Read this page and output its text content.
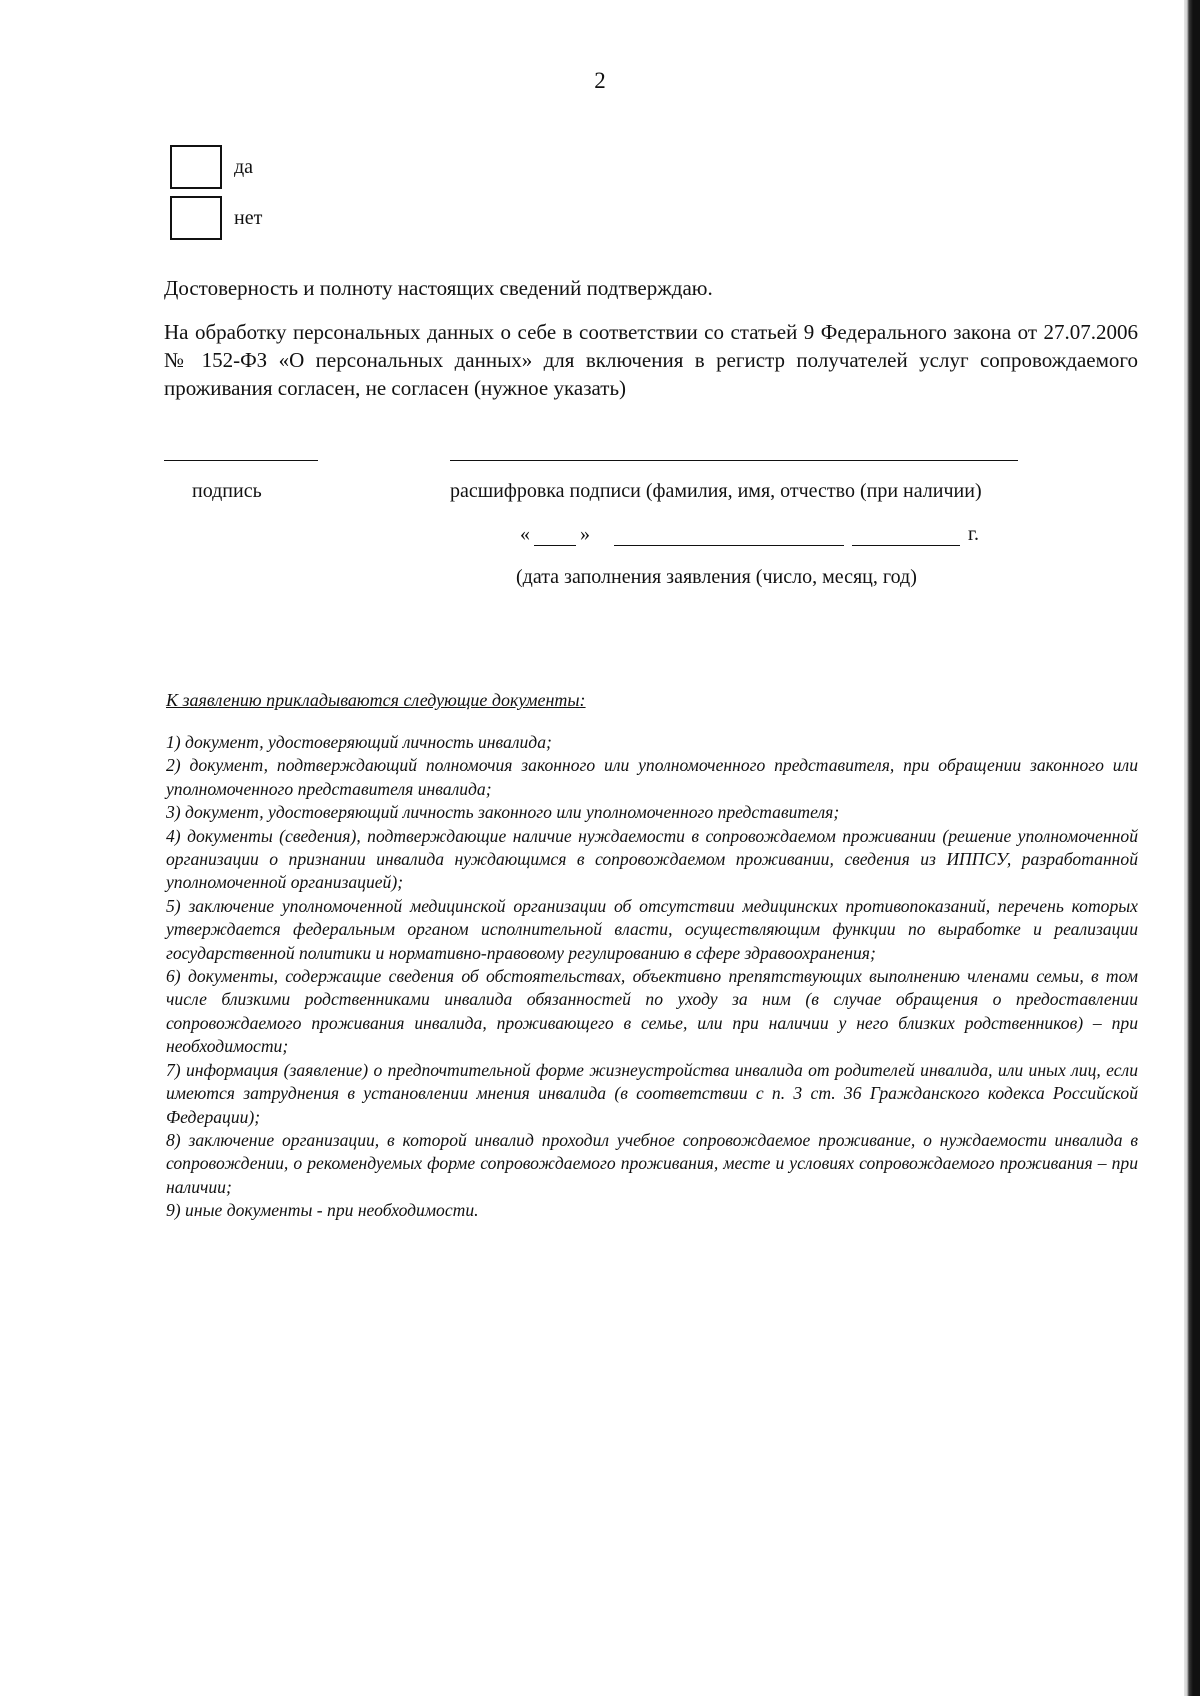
2
да
нет
Достоверность и полноту настоящих сведений подтверждаю.
На обработку персональных данных о себе в соответствии со статьей 9 Федерального закона от 27.07.2006 № 152-ФЗ «О персональных данных» для включения в регистр получателей услуг сопровождаемого проживания согласен, не согласен (нужное указать)
подпись	расшифровка подписи (фамилия, имя, отчество (при наличии)
«	»	г.
(дата заполнения заявления (число, месяц, год)
К заявлению прикладываются следующие документы:

1) документ, удостоверяющий личность инвалида;

2) документ, подтверждающий полномочия законного или уполномоченного представителя, при обращении законного или уполномоченного представителя инвалида;

3) документ, удостоверяющий личность законного или уполномоченного представителя;

4) документы (сведения), подтверждающие наличие нуждаемости в сопровождаемом проживании (решение уполномоченной организации о признании инвалида нуждающимся в сопровождаемом проживании, сведения из ИППСУ, разработанной уполномоченной организацией);

5) заключение уполномоченной медицинской организации об отсутствии медицинских противопоказаний, перечень которых утверждается федеральным органом исполнительной власти, осуществляющим функции по выработке и реализации государственной политики и нормативно-правовому регулированию в сфере здравоохранения;

6) документы, содержащие сведения об обстоятельствах, объективно препятствующих выполнению членами семьи, в том числе близкими родственниками инвалида обязанностей по уходу за ним (в случае обращения о предоставлении сопровождаемого проживания инвалида, проживающего в семье, или при наличии у него близких родственников) – при необходимости;

7) информация (заявление) о предпочтительной форме жизнеустройства инвалида от родителей инвалида, или иных лиц, если имеются затруднения в установлении мнения инвалида (в соответствии с п. 3 ст. 36 Гражданского кодекса Российской Федерации);

8) заключение организации, в которой инвалид проходил учебное сопровождаемое проживание, о нуждаемости инвалида в сопровождении, о рекомендуемых форме сопровождаемого проживания, месте и условиях сопровождаемого проживания – при наличии;

9) иные документы - при необходимости.
